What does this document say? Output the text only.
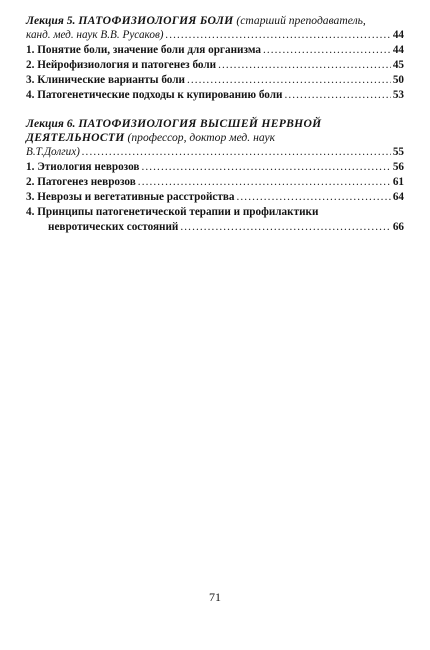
Лекция 5. ПАТОФИЗИОЛОГИЯ БОЛИ (старший преподаватель,
канд. мед. наук В.В. Русаков) .....	44
1. Понятие боли, значение боли для организма .....	44
2. Нейрофизиология и патогенез боли .....	45
3. Клинические варианты боли .....	50
4. Патогенетические подходы к купированию боли .....	53
Лекция 6. ПАТОФИЗИОЛОГИЯ ВЫСШЕЙ НЕРВНОЙ
ДЕЯТЕЛЬНОСТИ (профессор, доктор мед. наук
В.Т.Долгих) .....	55
1. Этиология неврозов .....	56
2. Патогенез неврозов .....	61
3. Неврозы и вегетативные расстройства .....	64
4. Принципы патогенетической терапии и профилактики
невротических состояний .....	66
71
